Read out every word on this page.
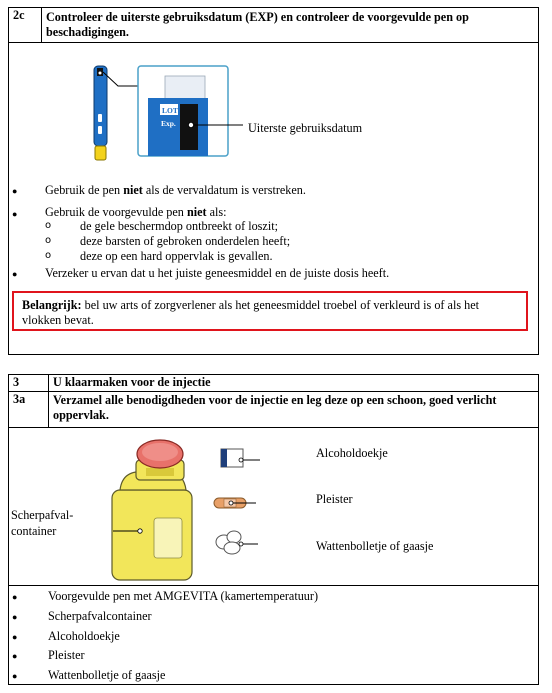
2c	Controleer de uiterste gebruiksdatum (EXP) en controleer de voorgevulde pen op beschadigingen.

LOT
Exp.	Uiterste gebruiksdatum
● Gebruik de pen niet als de vervaldatum is verstreken.
● Gebruik de voorgevulde pen niet als:
o de gele beschermdop ontbreekt of loszit;
o deze barsten of gebroken onderdelen heeft;
o deze op een hard oppervlak is gevallen.
● Verzeker u ervan dat u het juiste geneesmiddel en de juiste dosis heeft.
Belangrijk: bel uw arts of zorgverlener als het geneesmiddel troebel of verkleurd is of als het vlokken bevat.
3	U klaarmaken voor de injectie
3a	Verzamel alle benodigdheden voor de injectie en leg deze op een schoon, goed verlicht oppervlak.

Scherpafval-
container
Alcoholdoekje
Pleister
Wattenbolletje of gaasje
●	Voorgevulde pen met AMGEVITA (kamertemperatuur)
●	Scherpafvalcontainer
●	Alcoholdoekje
●	Pleister
●	Wattenbolletje of gaasje
